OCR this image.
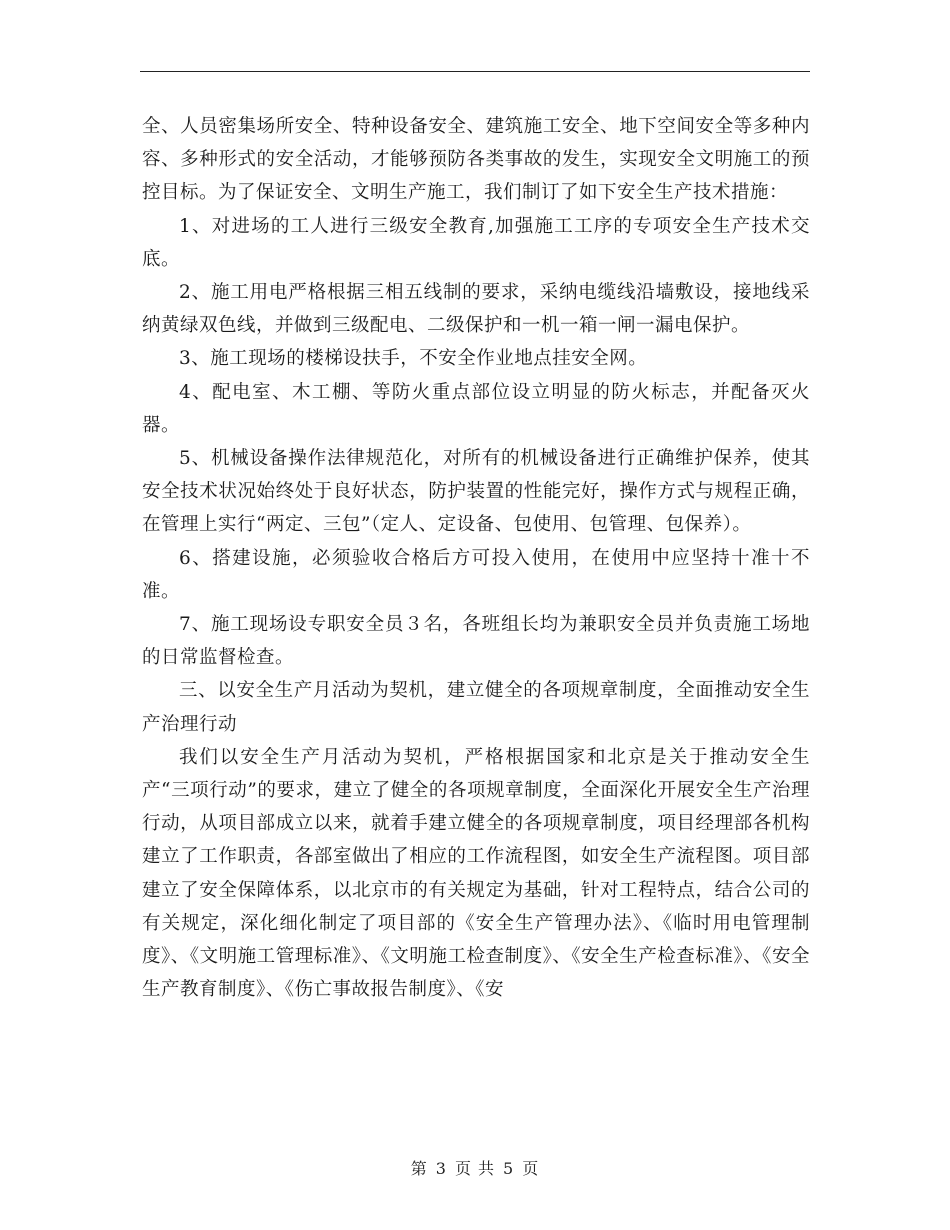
全、人员密集场所安全、特种设备安全、建筑施工安全、地下空间安全等多种内容、多种形式的安全活动，才能够预防各类事故的发生，实现安全文明施工的预控目标。为了保证安全、文明生产施工，我们制订了如下安全生产技术措施：

1、对进场的工人进行三级安全教育,加强施工工序的专项安全生产技术交底。

2、施工用电严格根据三相五线制的要求，采纳电缆线沿墙敷设，接地线采纳黄绿双色线，并做到三级配电、二级保护和一机一箱一闸一漏电保护。

3、施工现场的楼梯设扶手，不安全作业地点挂安全网。

4、配电室、木工棚、等防火重点部位设立明显的防火标志，并配备灭火器。

5、机械设备操作法律规范化，对所有的机械设备进行正确维护保养，使其安全技术状况始终处于良好状态，防护装置的性能完好，操作方式与规程正确，在管理上实行“两定、三包”（定人、定设备、包使用、包管理、包保养）。

6、搭建设施，必须验收合格后方可投入使用，在使用中应坚持十准十不准。

7、施工现场设专职安全员３名，各班组长均为兼职安全员并负责施工场地的日常监督检查。

三、以安全生产月活动为契机，建立健全的各项规章制度，全面推动安全生产治理行动

我们以安全生产月活动为契机，严格根据国家和北京是关于推动安全生产“三项行动”的要求，建立了健全的各项规章制度，全面深化开展安全生产治理行动，从项目部成立以来，就着手建立健全的各项规章制度，项目经理部各机构建立了工作职责，各部室做出了相应的工作流程图，如安全生产流程图。项目部建立了安全保障体系，以北京市的有关规定为基础，针对工程特点，结合公司的有关规定，深化细化制定了项目部的《安全生产管理办法》、《临时用电管理制度》、《文明施工管理标准》、《文明施工检查制度》、《安全生产检查标准》、《安全生产教育制度》、《伤亡事故报告制度》、《安

第 3 页 共 5 页
